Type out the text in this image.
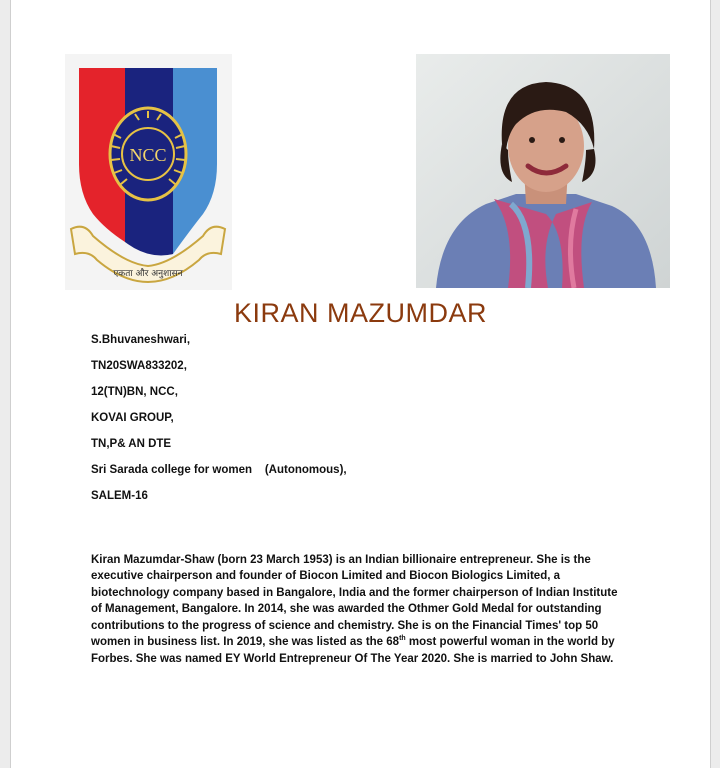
NCC
एकता और अनुशासन
KIRAN MAZUMDAR
S.Bhuvaneshwari,
TN20SWA833202,
12(TN)BN, NCC,
KOVAI GROUP,
TN,P& AN DTE
Sri Sarada college for women    (Autonomous),
SALEM-16

Kiran Mazumdar-Shaw (born 23 March 1953) is an Indian billionaire entrepreneur. She is the executive chairperson and founder of Biocon Limited and Biocon Biologics Limited, a biotechnology company based in Bangalore, India and the former chairperson of Indian Institute of Management, Bangalore. In 2014, she was awarded the Othmer Gold Medal for outstanding contributions to the progress of science and chemistry. She is on the Financial Times' top 50 women in business list. In 2019, she was listed as the 68th most powerful woman in the world by Forbes. She was named EY World Entrepreneur Of The Year 2020. She is married to John Shaw.
